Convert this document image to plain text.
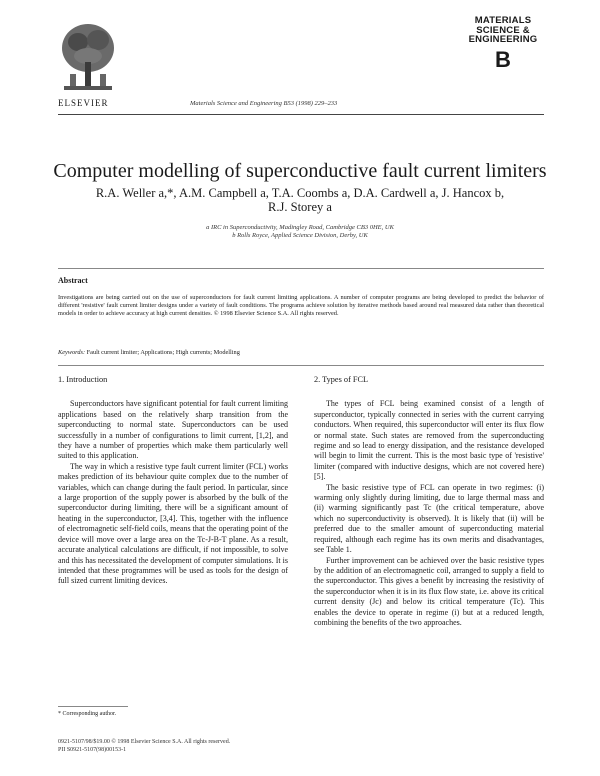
ELSEVIER	Materials Science and Engineering B53 (1998) 229–233
MATERIALS
SCIENCE &
ENGINEERING
B
Computer modelling of superconductive fault current limiters
R.A. Weller a,*, A.M. Campbell a, T.A. Coombs a, D.A. Cardwell a, J. Hancox b,
R.J. Storey a
a IRC in Superconductivity, Madingley Road, Cambridge CB3 0HE, UK
b Rolls Royce, Applied Science Division, Derby, UK
Abstract
Investigations are being carried out on the use of superconductors for fault current limiting applications. A number of computer programs are being developed to predict the behavior of different 'resistive' fault current limiter designs under a variety of fault conditions. The programs achieve solution by iterative methods based around real measured data rather than theoretical models in order to achieve accuracy at high current densities. © 1998 Elsevier Science S.A. All rights reserved.
Keywords: Fault current limiter; Applications; High currents; Modelling
1. Introduction

Superconductors have significant potential for fault current limiting applications based on the relatively sharp transition from the superconducting to normal state. Superconductors can be used successfully in a number of configurations to limit current, [1,2], and they have a number of properties which make them particularly well suited to this application.

The way in which a resistive type fault current limiter (FCL) works makes prediction of its behaviour quite complex due to the number of variables, which can change during the fault period. In particular, since a large proportion of the supply power is absorbed by the bulk of the superconductor during limiting, there will be a significant amount of heating in the superconductor, [3,4]. This, together with the influence of electromagnetic self-field coils, means that the operating point of the device will move over a large area on the Tc-J-B-T plane. As a result, accurate analytical calculations are difficult, if not impossible, to solve and this has necessitated the development of computer simulations. It is intended that these programmes will be used as tools for the design of full sized current limiting devices.

2. Types of FCL

The types of FCL being examined consist of a length of superconductor, typically connected in series with the current carrying conductors. When required, this superconductor will enter its flux flow or normal state. Such states are removed from the superconducting regime and so lead to energy dissipation, and the resistance developed will begin to limit the current. This is the most basic type of 'resistive' limiter (compared with inductive designs, which are not covered here) [5].

The basic resistive type of FCL can operate in two regimes: (i) warming only slightly during limiting, due to large thermal mass and (ii) warming significantly past Tc (the critical temperature, above which no superconductivity is observed). It is likely that (ii) will be preferred due to the smaller amount of superconducting material required, although each regime has its own merits and disadvantages, see Table 1.

Further improvement can be achieved over the basic resistive types by the addition of an electromagnetic coil, arranged to supply a field to the superconductor. This gives a benefit by increasing the resistivity of the superconductor when it is in its flux flow state, i.e. above its critical current density (Jc) and below its critical temperature (Tc). This enables the device to operate in regime (i) but at a reduced length, combining the benefits of the two approaches.

* Corresponding author.
0921-5107/98/$19.00 © 1998 Elsevier Science S.A. All rights reserved.
PII S0921-5107(98)00153-1
